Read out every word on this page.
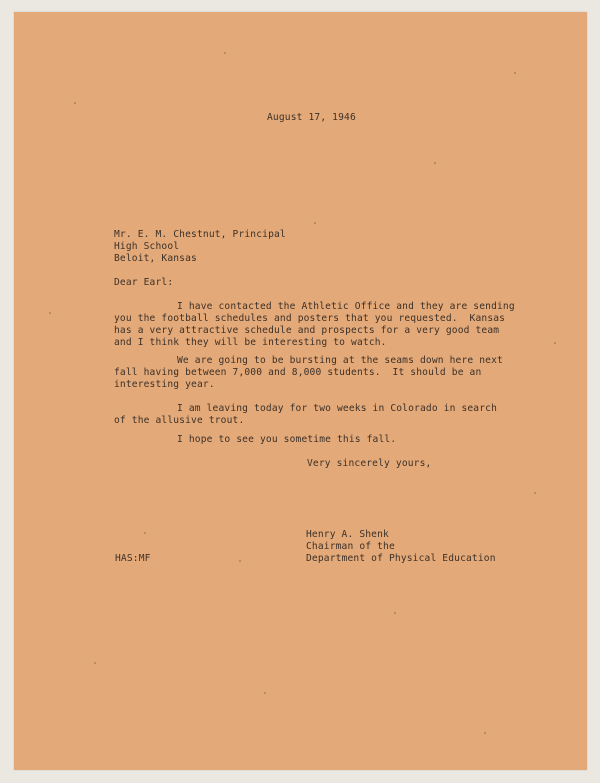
August 17, 1946

Mr. E. M. Chestnut, Principal

High School

Beloit, Kansas

Dear Earl:

I have contacted the Athletic Office and they are sending

you the football schedules and posters that you requested.  Kansas

has a very attractive schedule and prospects for a very good team

and I think they will be interesting to watch.

We are going to be bursting at the seams down here next

fall having between 7,000 and 8,000 students.  It should be an

interesting year.

I am leaving today for two weeks in Colorado in search

of the allusive trout.

I hope to see you sometime this fall.

Very sincerely yours,

Henry A. Shenk

Chairman of the

Department of Physical Education

HAS:MF
